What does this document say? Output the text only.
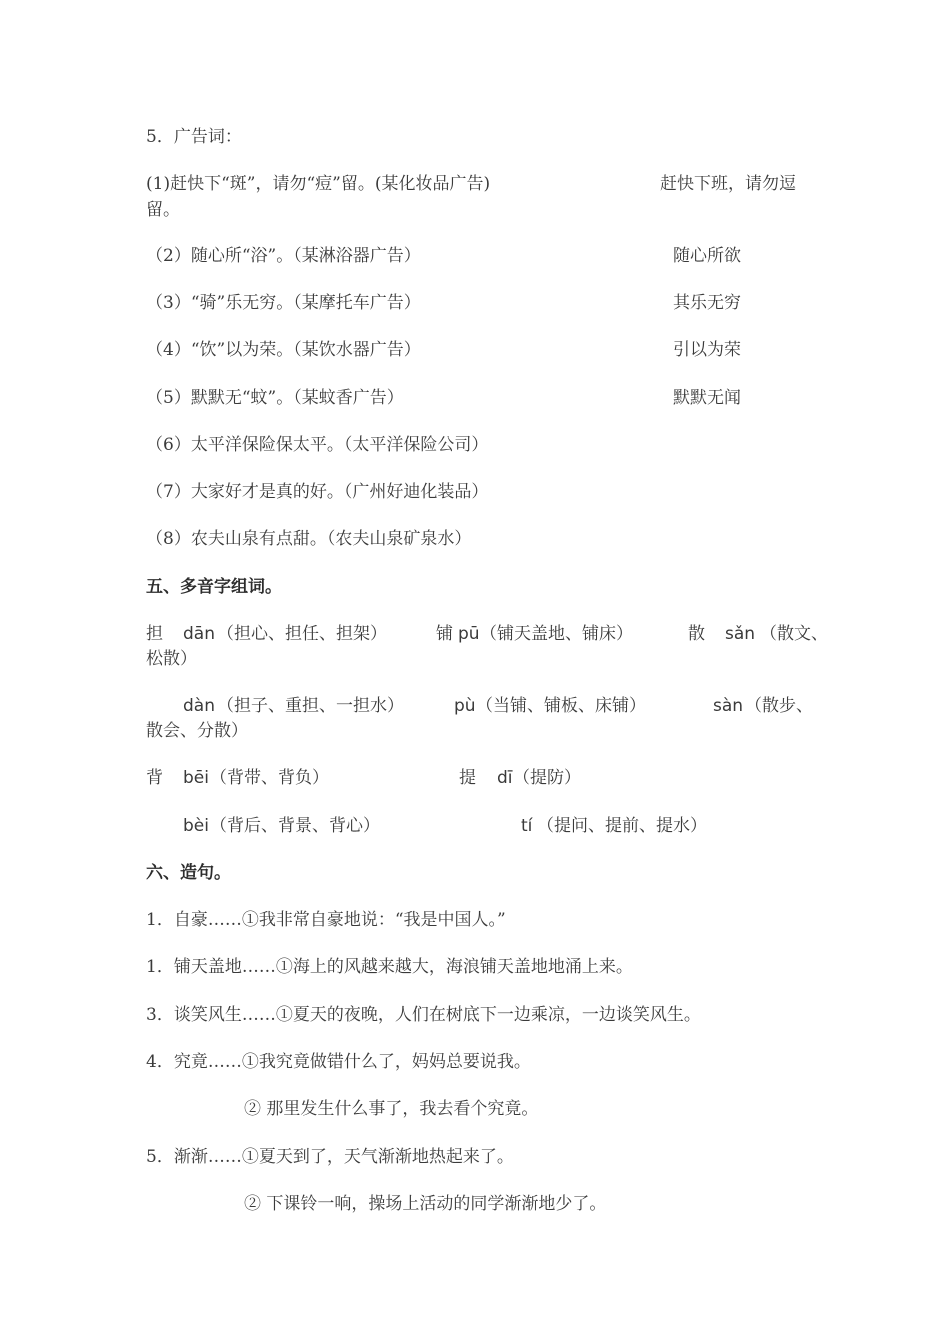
5．广告词：
(1)赶快下“斑”，请勿“痘”留。(某化妆品广告)	赶快下班，请勿逗
留。
（2）随心所“浴”。（某淋浴器广告）	随心所欲
（3）“骑”乐无穷。（某摩托车广告）	其乐无穷
（4）“饮”以为荣。（某饮水器广告）	引以为荣
（5）默默无“蚊”。（某蚊香广告）	默默无闻
（6）太平洋保险保太平。（太平洋保险公司）
（7）大家好才是真的好。（广州好迪化装品）
（8）农夫山泉有点甜。（农夫山泉矿泉水）
五、多音字组词。
担 dān （担心、担任、担架）	铺 pū （铺天盖地、铺床）	散 sǎn （散文、
松散）
dàn （担子、重担、一担水）	pù （当铺、铺板、床铺）	sàn （散步、
散会、分散）
背 bēi （背带、背负）	提 dī （提防）
bèi （背后、背景、背心）	tí （提问、提前、提水）
六、造句。
1．自豪……①我非常自豪地说：“我是中国人。”
1．铺天盖地……①海上的风越来越大，海浪铺天盖地地涌上来。
3．谈笑风生……①夏天的夜晚，人们在树底下一边乘凉，一边谈笑风生。
4．究竟……①我究竟做错什么了，妈妈总要说我。
② 那里发生什么事了，我去看个究竟。
5．渐渐……①夏天到了，天气渐渐地热起来了。
② 下课铃一响，操场上活动的同学渐渐地少了。
